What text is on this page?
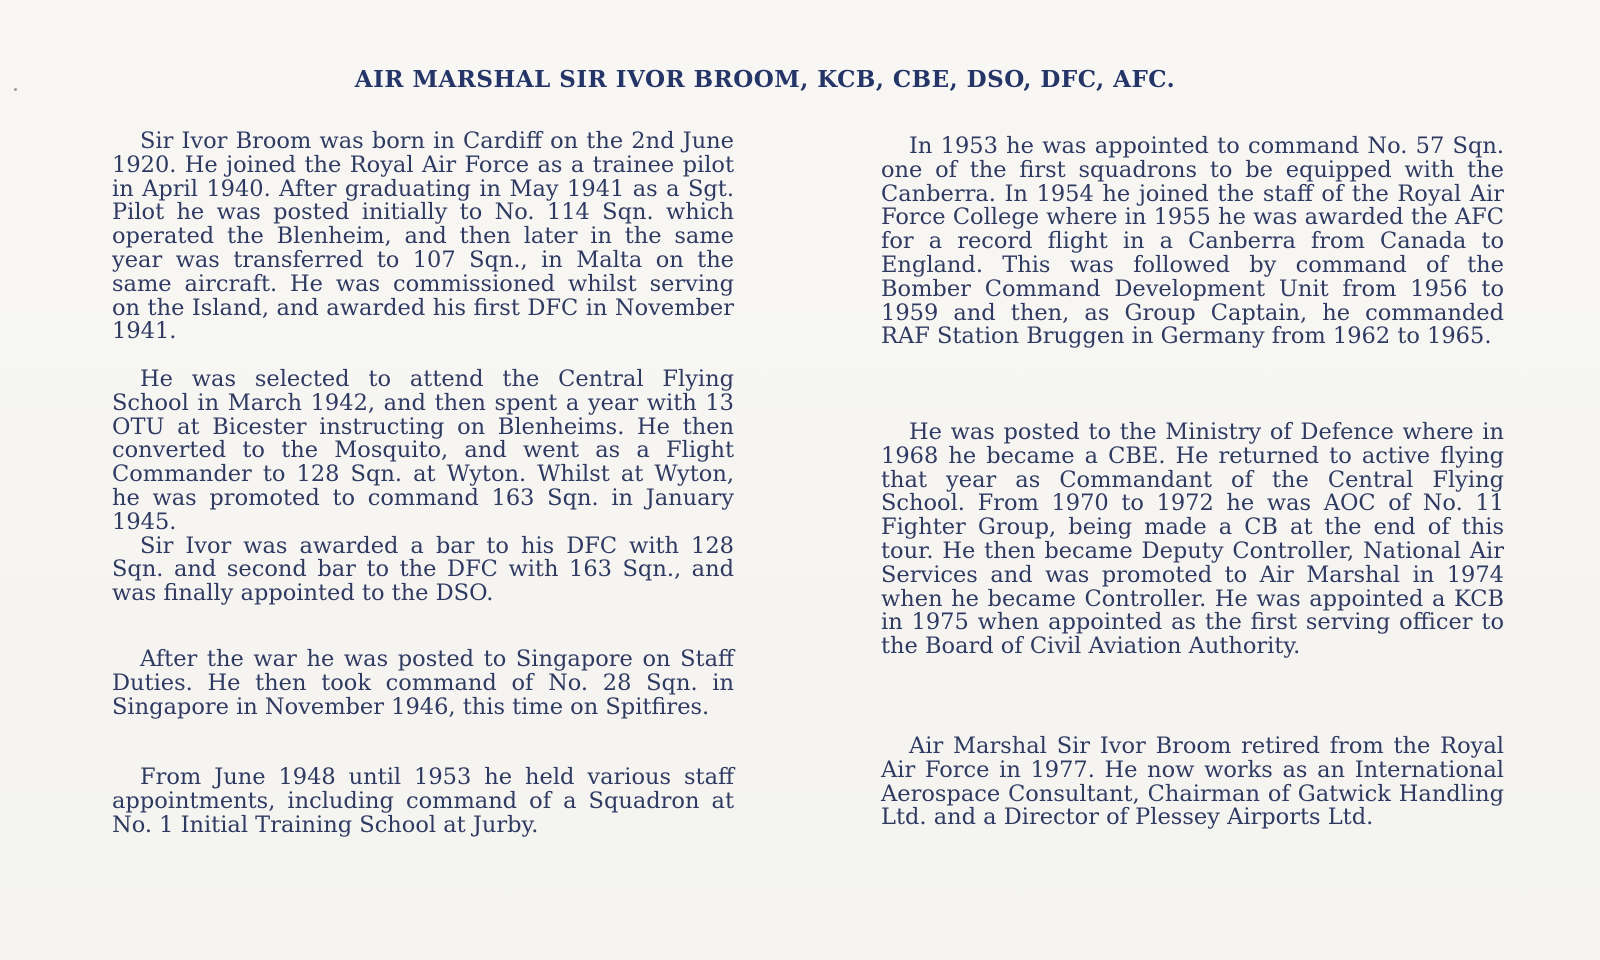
AIR MARSHAL SIR IVOR BROOM, KCB, CBE, DSO, DFC, AFC.

Sir Ivor Broom was born in Cardiff on the 2nd June 1920. He joined the Royal Air Force as a trainee pilot in April 1940. After graduating in May 1941 as a Sgt. Pilot he was posted initially to No. 114 Sqn. which operated the Blenheim, and then later in the same year was transferred to 107 Sqn., in Malta on the same aircraft. He was commissioned whilst serving on the Island, and awarded his first DFC in November 1941.

He was selected to attend the Central Flying School in March 1942, and then spent a year with 13 OTU at Bicester instructing on Blenheims. He then converted to the Mosquito, and went as a Flight Commander to 128 Sqn. at Wyton. Whilst at Wyton, he was promoted to command 163 Sqn. in January 1945.

Sir Ivor was awarded a bar to his DFC with 128 Sqn. and second bar to the DFC with 163 Sqn., and was finally appointed to the DSO.

After the war he was posted to Singapore on Staff Duties. He then took command of No. 28 Sqn. in Singapore in November 1946, this time on Spitfires.

From June 1948 until 1953 he held various staff appointments, including command of a Squadron at No. 1 Initial Training School at Jurby.

In 1953 he was appointed to command No. 57 Sqn. one of the first squadrons to be equipped with the Canberra. In 1954 he joined the staff of the Royal Air Force College where in 1955 he was awarded the AFC for a record flight in a Canberra from Canada to England. This was followed by command of the Bomber Command Development Unit from 1956 to 1959 and then, as Group Captain, he commanded RAF Station Bruggen in Germany from 1962 to 1965.

He was posted to the Ministry of Defence where in 1968 he became a CBE. He returned to active flying that year as Commandant of the Central Flying School. From 1970 to 1972 he was AOC of No. 11 Fighter Group, being made a CB at the end of this tour. He then became Deputy Controller, National Air Services and was promoted to Air Marshal in 1974 when he became Controller. He was appointed a KCB in 1975 when appointed as the first serving officer to the Board of Civil Aviation Authority.

Air Marshal Sir Ivor Broom retired from the Royal Air Force in 1977. He now works as an International Aerospace Consultant, Chairman of Gatwick Handling Ltd. and a Director of Plessey Airports Ltd.
